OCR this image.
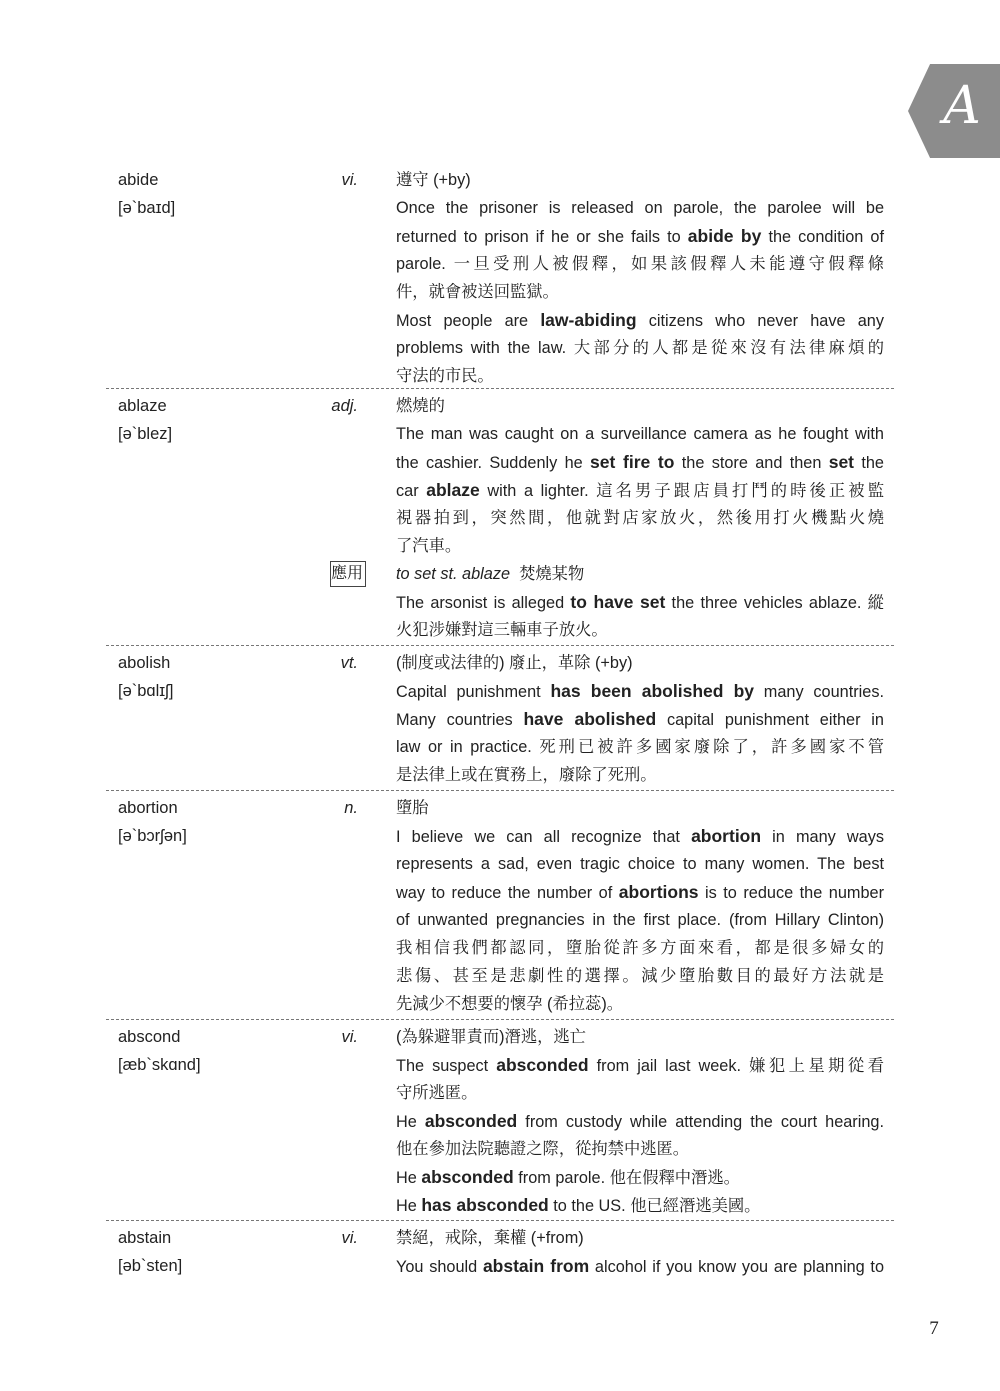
A
abide
[ə`baɪd]
vi. 遵守 (+by)
Once the prisoner is released on parole, the parolee will be
returned to prison if he or she fails to abide by the condition of
parole. 一旦受刑人被假釋，如果該假釋人未能遵守假釋條
件，就會被送回監獄。
Most people are law-abiding citizens who never have any
problems with the law. 大部分的人都是從來沒有法律麻煩的
守法的市民。
ablaze
[ə`blez]
adj. 燃燒的
The man was caught on a surveillance camera as he fought with
the cashier. Suddenly he set fire to the store and then set the
car ablaze with a lighter. 這名男子跟店員打鬥的時後正被監
視器拍到，突然間，他就對店家放火，然後用打火機點火燒
了汽車。
應用 to set st. ablaze 焚燒某物
The arsonist is alleged to have set the three vehicles ablaze. 縱
火犯涉嫌對這三輛車子放火。
abolish
[ə`bɑlɪʃ]
vt. (制度或法律的) 廢止，革除 (+by)
Capital punishment has been abolished by many countries.
Many countries have abolished capital punishment either in
law or in practice. 死刑已被許多國家廢除了，許多國家不管
是法律上或在實務上，廢除了死刑。
abortion
[ə`bɔrʃən]
n. 墮胎
I believe we can all recognize that abortion in many ways
represents a sad, even tragic choice to many women. The best
way to reduce the number of abortions is to reduce the number
of unwanted pregnancies in the first place. (from Hillary Clinton)
我相信我們都認同，墮胎從許多方面來看，都是很多婦女的
悲傷、甚至是悲劇性的選擇。減少墮胎數目的最好方法就是
先減少不想要的懷孕 (希拉蕊)。
abscond
[æb`skɑnd]
vi. (為躲避罪責而)潛逃，逃亡
The suspect absconded from jail last week. 嫌犯上星期從看
守所逃匿。
He absconded from custody while attending the court hearing.
他在參加法院聽證之際，從拘禁中逃匿。
He absconded from parole. 他在假釋中潛逃。
He has absconded to the US. 他已經潛逃美國。
abstain
[əb`sten]
vi. 禁絕，戒除，棄權 (+from)
You should abstain from alcohol if you know you are planning to
7
